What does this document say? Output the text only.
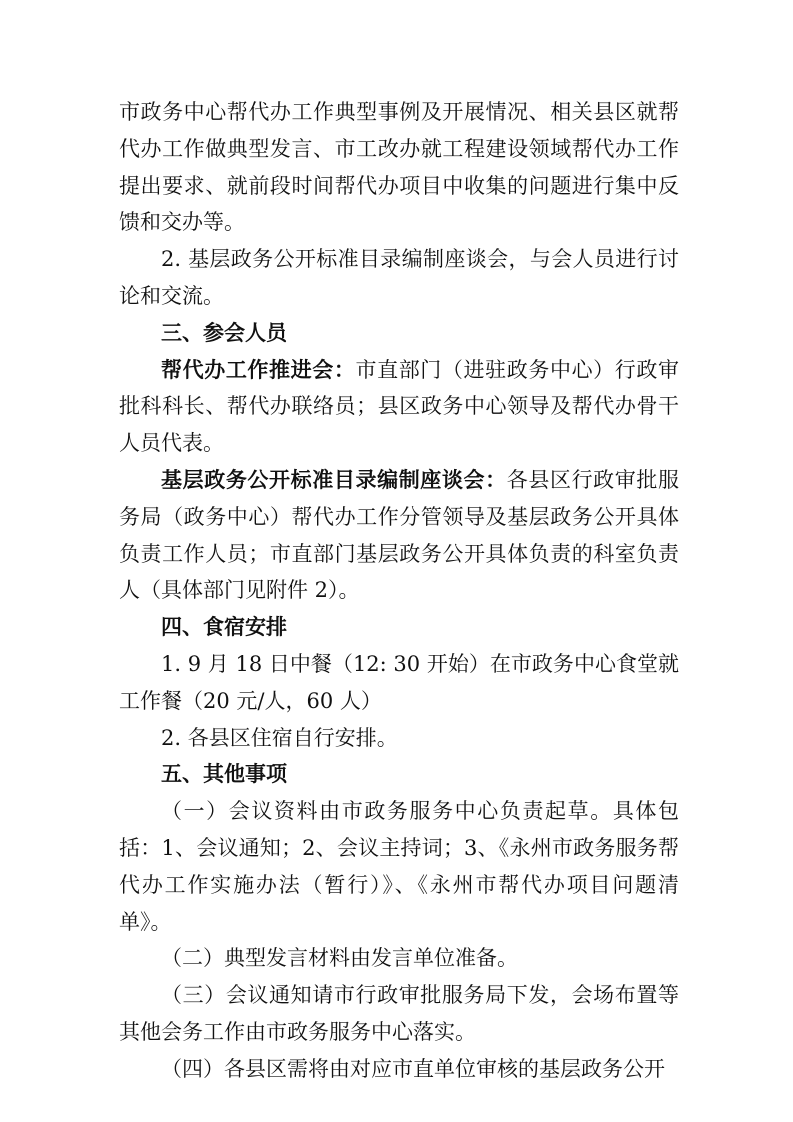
市政务中心帮代办工作典型事例及开展情况、相关县区就帮代办工作做典型发言、市工改办就工程建设领域帮代办工作提出要求、就前段时间帮代办项目中收集的问题进行集中反馈和交办等。

2. 基层政务公开标准目录编制座谈会，与会人员进行讨论和交流。

三、参会人员

帮代办工作推进会：市直部门（进驻政务中心）行政审批科科长、帮代办联络员；县区政务中心领导及帮代办骨干人员代表。

基层政务公开标准目录编制座谈会：各县区行政审批服务局（政务中心）帮代办工作分管领导及基层政务公开具体负责工作人员；市直部门基层政务公开具体负责的科室负责人（具体部门见附件 2）。

四、食宿安排

1. 9 月 18 日中餐（12: 30 开始）在市政务中心食堂就工作餐（20 元/人，60 人）

2. 各县区住宿自行安排。

五、其他事项

（一）会议资料由市政务服务中心负责起草。具体包括：1、会议通知；2、会议主持词；3、《永州市政务服务帮代办工作实施办法（暂行）》、《永州市帮代办项目问题清单》。

（二）典型发言材料由发言单位准备。

（三）会议通知请市行政审批服务局下发，会场布置等其他会务工作由市政务服务中心落实。

（四）各县区需将由对应市直单位审核的基层政务公开
